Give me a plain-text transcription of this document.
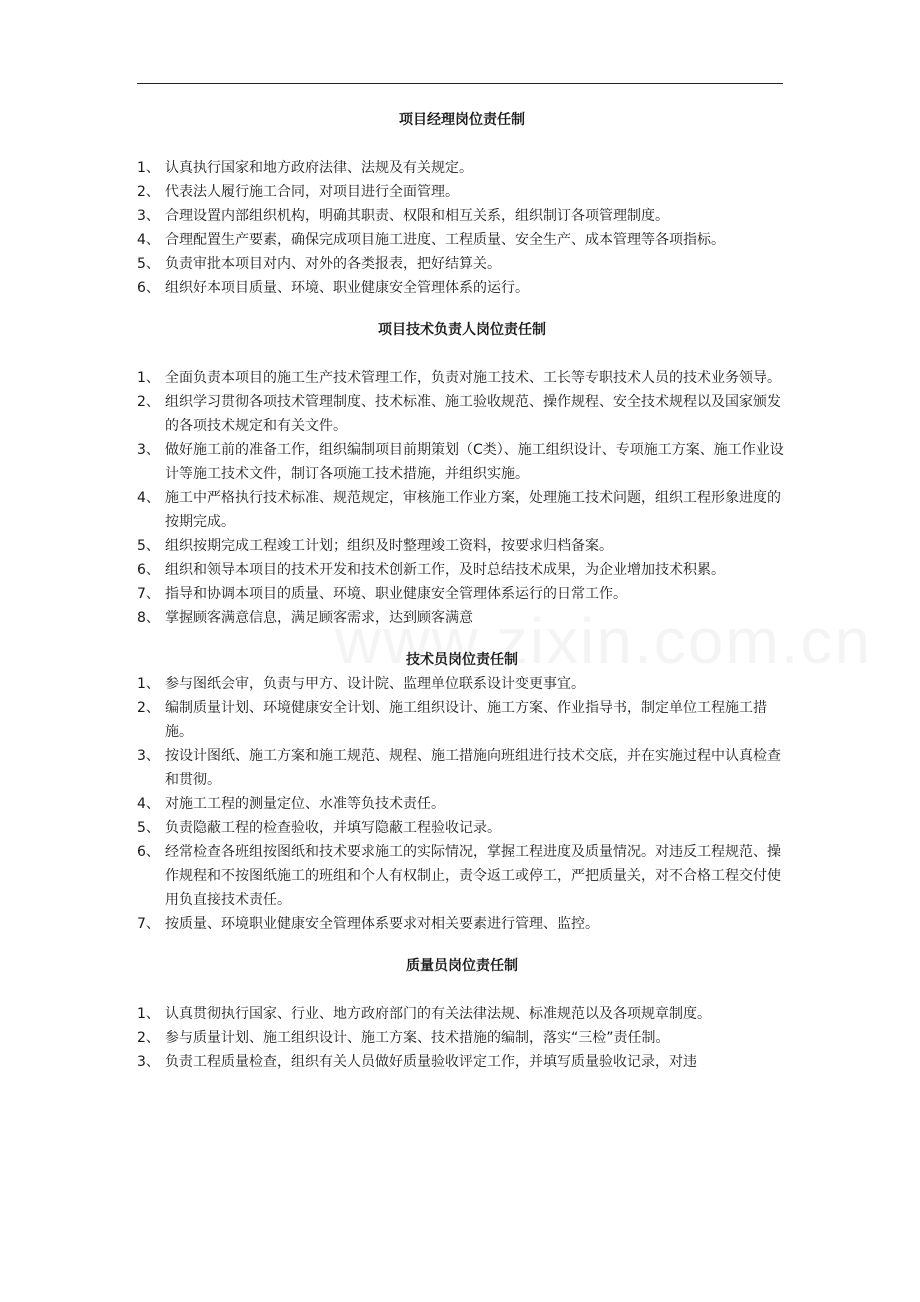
项目经理岗位责任制
1、 认真执行国家和地方政府法律、法规及有关规定。
2、 代表法人履行施工合同，对项目进行全面管理。
3、 合理设置内部组织机构，明确其职责、权限和相互关系，组织制订各项管理制度。
4、 合理配置生产要素，确保完成项目施工进度、工程质量、安全生产、成本管理等各项指标。
5、 负责审批本项目对内、对外的各类报表，把好结算关。
6、 组织好本项目质量、环境、职业健康安全管理体系的运行。
项目技术负责人岗位责任制
1、 全面负责本项目的施工生产技术管理工作，负责对施工技术、工长等专职技术人员的技术业务领导。
2、 组织学习贯彻各项技术管理制度、技术标准、施工验收规范、操作规程、安全技术规程以及国家颁发的各项技术规定和有关文件。
3、 做好施工前的准备工作，组织编制项目前期策划（C类）、施工组织设计、专项施工方案、施工作业设计等施工技术文件，制订各项施工技术措施，并组织实施。
4、 施工中严格执行技术标准、规范规定，审核施工作业方案，处理施工技术问题，组织工程形象进度的按期完成。
5、 组织按期完成工程竣工计划；组织及时整理竣工资料，按要求归档备案。
6、 组织和领导本项目的技术开发和技术创新工作，及时总结技术成果，为企业增加技术积累。
7、 指导和协调本项目的质量、环境、职业健康安全管理体系运行的日常工作。
8、 掌握顾客满意信息，满足顾客需求，达到顾客满意
技术员岗位责任制
1、 参与图纸会审，负责与甲方、设计院、监理单位联系设计变更事宜。
2、 编制质量计划、环境健康安全计划、施工组织设计、施工方案、作业指导书，制定单位工程施工措施。
3、 按设计图纸、施工方案和施工规范、规程、施工措施向班组进行技术交底，并在实施过程中认真检查和贯彻。
4、 对施工工程的测量定位、水准等负技术责任。
5、 负责隐蔽工程的检查验收，并填写隐蔽工程验收记录。
6、 经常检查各班组按图纸和技术要求施工的实际情况，掌握工程进度及质量情况。对违反工程规范、操作规程和不按图纸施工的班组和个人有权制止，责令返工或停工，严把质量关，对不合格工程交付使用负直接技术责任。
7、 按质量、环境职业健康安全管理体系要求对相关要素进行管理、监控。
质量员岗位责任制
1、 认真贯彻执行国家、行业、地方政府部门的有关法律法规、标准规范以及各项规章制度。
2、 参与质量计划、施工组织设计、施工方案、技术措施的编制，落实“三检”责任制。
3、 负责工程质量检查，组织有关人员做好质量验收评定工作，并填写质量验收记录，对违
